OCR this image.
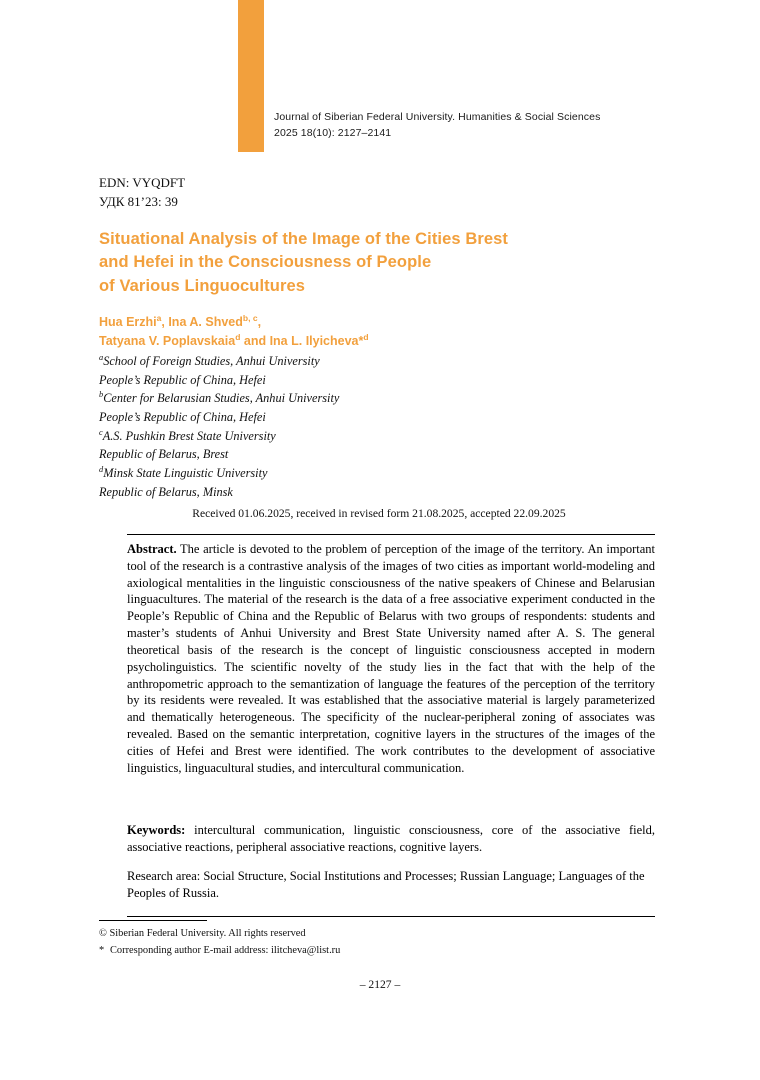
Journal of Siberian Federal University. Humanities & Social Sciences
2025 18(10): 2127–2141
EDN: VYQDFT
УДК 81’23: 39
Situational Analysis of the Image of the Cities Brest
and Hefei in the Consciousness of People
of Various Linguocultures
Hua Erzhi$^a$, Ina A. Shved$^{b, c}$,
Tatyana V. Poplavskaia$^d$ and Ina L. Ilyicheva*$^d$
$^a$School of Foreign Studies, Anhui University
People’s Republic of China, Hefei
$^b$Center for Belarusian Studies, Anhui University
People’s Republic of China, Hefei
$^c$A.S. Pushkin Brest State University
Republic of Belarus, Brest
$^d$Minsk State Linguistic University
Republic of Belarus, Minsk
Received 01.06.2025, received in revised form 21.08.2025, accepted 22.09.2025
Abstract. The article is devoted to the problem of perception of the image of the territory. An important tool of the research is a contrastive analysis of the images of two cities as important world-modeling and axiological mentalities in the linguistic consciousness of the native speakers of Chinese and Belarusian linguacultures. The material of the research is the data of a free associative experiment conducted in the People’s Republic of China and the Republic of Belarus with two groups of respondents: students and master’s students of Anhui University and Brest State University named after A. S. The general theoretical basis of the research is the concept of linguistic consciousness accepted in modern psycholinguistics. The scientific novelty of the study lies in the fact that with the help of the anthropometric approach to the semantization of language the features of the perception of the territory by its residents were revealed. It was established that the associative material is largely parameterized and thematically heterogeneous. The specificity of the nuclear-peripheral zoning of associates was revealed. Based on the semantic interpretation, cognitive layers in the structures of the images of the cities of Hefei and Brest were identified. The work contributes to the development of associative linguistics, linguacultural studies, and intercultural communication.
Keywords: intercultural communication, linguistic consciousness, core of the associative field, associative reactions, peripheral associative reactions, cognitive layers.
Research area: Social Structure, Social Institutions and Processes; Russian Language; Languages of the Peoples of Russia.
© Siberian Federal University. All rights reserved
* Corresponding author E-mail address: ilitcheva@list.ru
– 2127 –
